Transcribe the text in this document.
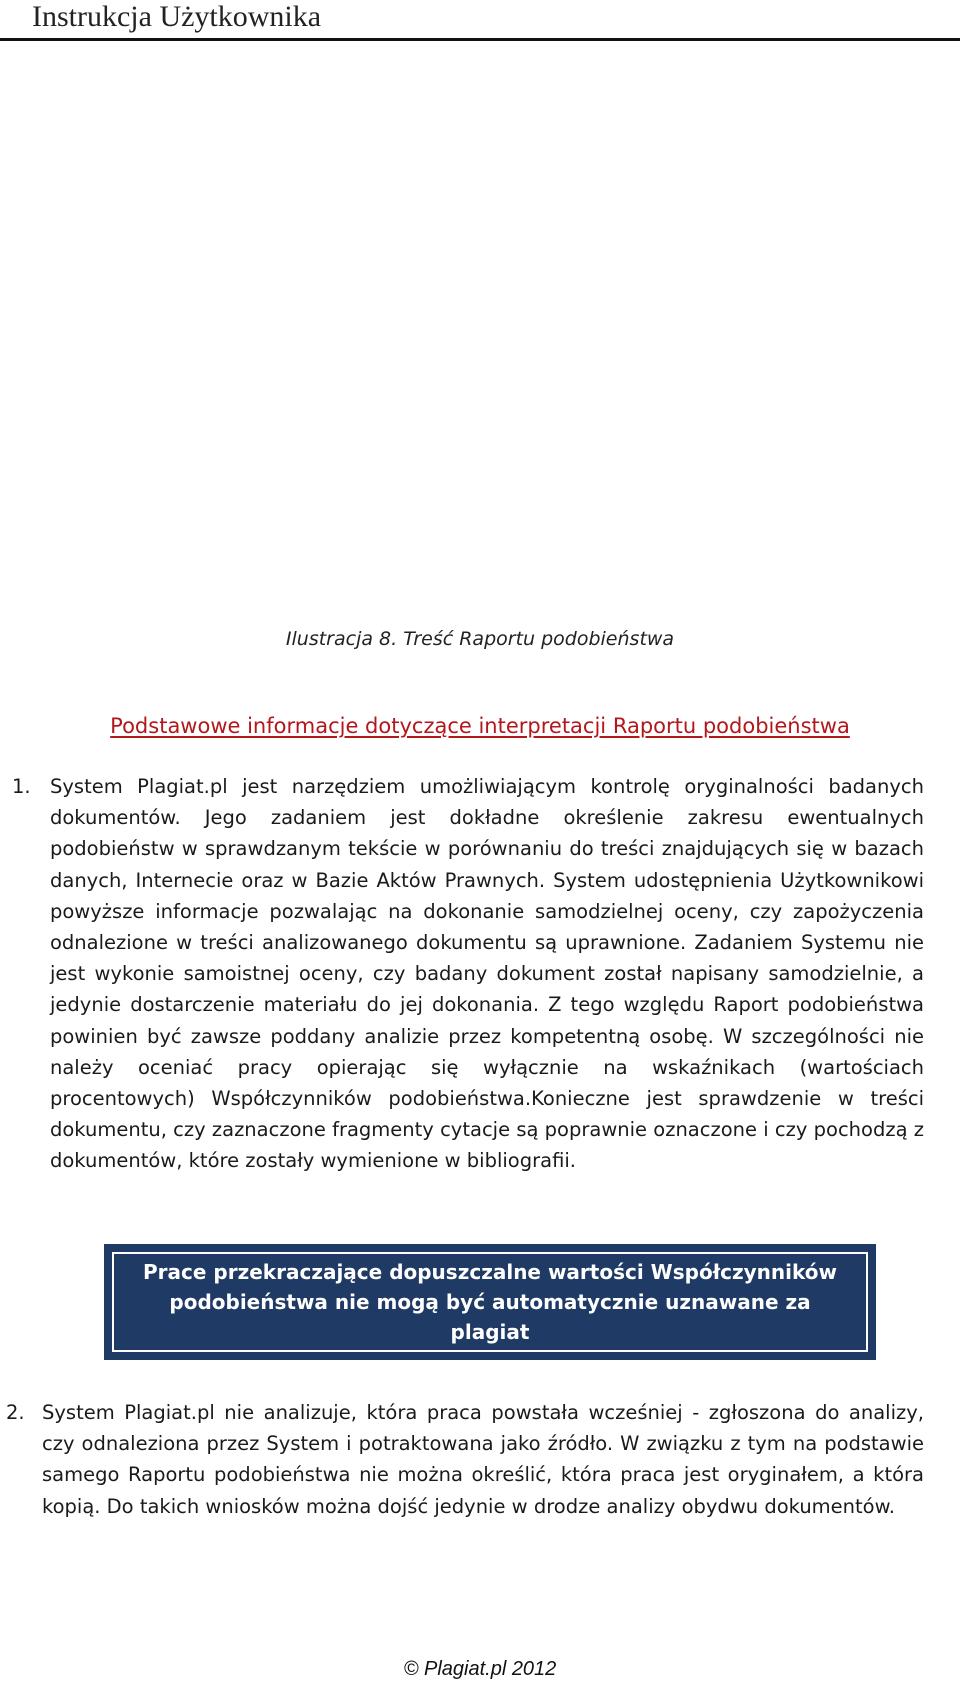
Instrukcja Użytkownika
Ilustracja 8. Treść Raportu podobieństwa
Podstawowe informacje dotyczące interpretacji Raportu podobieństwa
1. System Plagiat.pl jest narzędziem umożliwiającym kontrolę oryginalności badanych dokumentów. Jego zadaniem jest dokładne określenie zakresu ewentualnych podobieństw w sprawdzanym tekście w porównaniu do treści znajdujących się w bazach danych, Internecie oraz w Bazie Aktów Prawnych. System udostępnienia Użytkownikowi powyższe informacje pozwalając na dokonanie samodzielnej oceny, czy zapożyczenia odnalezione w treści analizowanego dokumentu są uprawnione. Zadaniem Systemu nie jest wykonie samoistnej oceny, czy badany dokument został napisany samodzielnie, a jedynie dostarczenie materiału do jej dokonania. Z tego względu Raport podobieństwa powinien być zawsze poddany analizie przez kompetentną osobę. W szczególności nie należy oceniać pracy opierając się wyłącznie na wskaźnikach (wartościach procentowych) Współczynników podobieństwa.Konieczne jest sprawdzenie w treści dokumentu, czy zaznaczone fragmenty cytacje są poprawnie oznaczone i czy pochodzą z dokumentów, które zostały wymienione w bibliografii.
Prace przekraczające dopuszczalne wartości Współczynników
podobieństwa nie mogą być automatycznie uznawane za plagiat
2. System Plagiat.pl nie analizuje, która praca powstała wcześniej - zgłoszona do analizy, czy odnaleziona przez System i potraktowana jako źródło. W związku z tym na podstawie samego Raportu podobieństwa nie można określić, która praca jest oryginałem, a która kopią. Do takich wniosków można dojść jedynie w drodze analizy obydwu dokumentów.
© Plagiat.pl 2012
